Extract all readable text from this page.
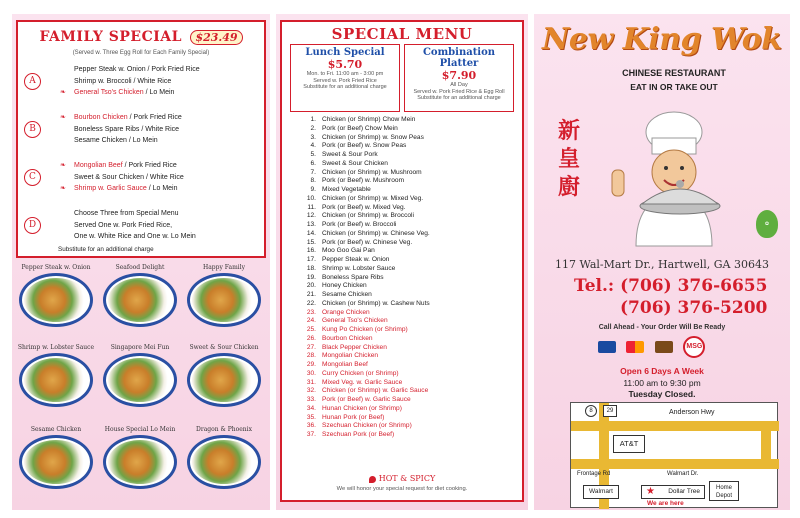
FAMILY SPECIAL $23.49
(Served w. Three Egg Roll for Each Family Special)
A
Pepper Steak w. Onion / Pork Fried Rice
Shrimp w. Broccoli / White Rice
❧ General Tso's Chicken / Lo Mein
B
❧ Bourbon Chicken / Pork Fried Rice
Boneless Spare Ribs / White Rice
Sesame Chicken / Lo Mein
C
❧ Mongolian Beef / Pork Fried Rice
Sweet & Sour Chicken / White Rice
❧ Shrimp w. Garlic Sauce / Lo Mein
D
Choose Three from Special Menu
Served One w. Pork Fried Rice,
One w. White Rice and One w. Lo Mein
Substitute for an additional charge
Pepper Steak w. Onion	Seafood Delight	Happy Family
Shrimp w. Lobster Sauce	Singapore Mei Fun	Sweet & Sour Chicken
Sesame Chicken	House Special Lo Mein	Dragon & Phoenix
SPECIAL MENU
Lunch Special
$5.70
Mon. to Fri. 11:00 am - 3:00 pm
Served w. Pork Fried Rice
Substitute for an additional charge
Combination Platter
$7.90
All Day
Served w. Pork Fried Rice & Egg Roll
Substitute for an additional charge
1. Chicken (or Shrimp) Chow Mein
2. Pork (or Beef) Chow Mein
3. Chicken (or Shrimp) w. Snow Peas
4. Pork (or Beef) w. Snow Peas
5. Sweet & Sour Pork
6. Sweet & Sour Chicken
7. Chicken (or Shrimp) w. Mushroom
8. Pork (or Beef) w. Mushroom
9. Mixed Vegetable
10. Chicken (or Shrimp) w. Mixed Veg.
11. Pork (or Beef) w. Mixed Veg.
12. Chicken (or Shrimp) w. Broccoli
13. Pork (or Beef) w. Broccoli
14. Chicken (or Shrimp) w. Chinese Veg.
15. Pork (or Beef) w. Chinese Veg.
16. Moo Goo Gai Pan
17. Pepper Steak w. Onion
18. Shrimp w. Lobster Sauce
19. Boneless Spare Ribs
20. Honey Chicken
21. Sesame Chicken
22. Chicken (or Shrimp) w. Cashew Nuts
23. Orange Chicken
24. General Tso's Chicken
25. Kung Po Chicken (or Shrimp)
26. Bourbon Chicken
27. Black Pepper Chicken
28. Mongolian Chicken
29. Mongolian Beef
30. Curry Chicken (or Shrimp)
31. Mixed Veg. w. Garlic Sauce
32. Chicken (or Shrimp) w. Garlic Sauce
33. Pork (or Beef) w. Garlic Sauce
34. Hunan Chicken (or Shrimp)
35. Hunan Pork (or Beef)
36. Szechuan Chicken (or Shrimp)
37. Szechuan Pork (or Beef)
HOT & SPICY
We will honor your special request for diet cooking.
New King Wok
CHINESE RESTAURANT
EAT IN OR TAKE OUT
新
皇
廚
✿
117 Wal-Mart Dr., Hartwell, GA 30643
Tel.: (706) 376-6655
(706) 376-5200
Call Ahead - Your Order Will Be Ready
MSG
Open 6 Days A Week
11:00 am to 9:30 pm
Tuesday Closed.
8	29	Anderson Hwy
AT&T
Frontage Rd	Walmart Dr.
Walmart	★ Dollar Tree	Home
Depot
We are here
